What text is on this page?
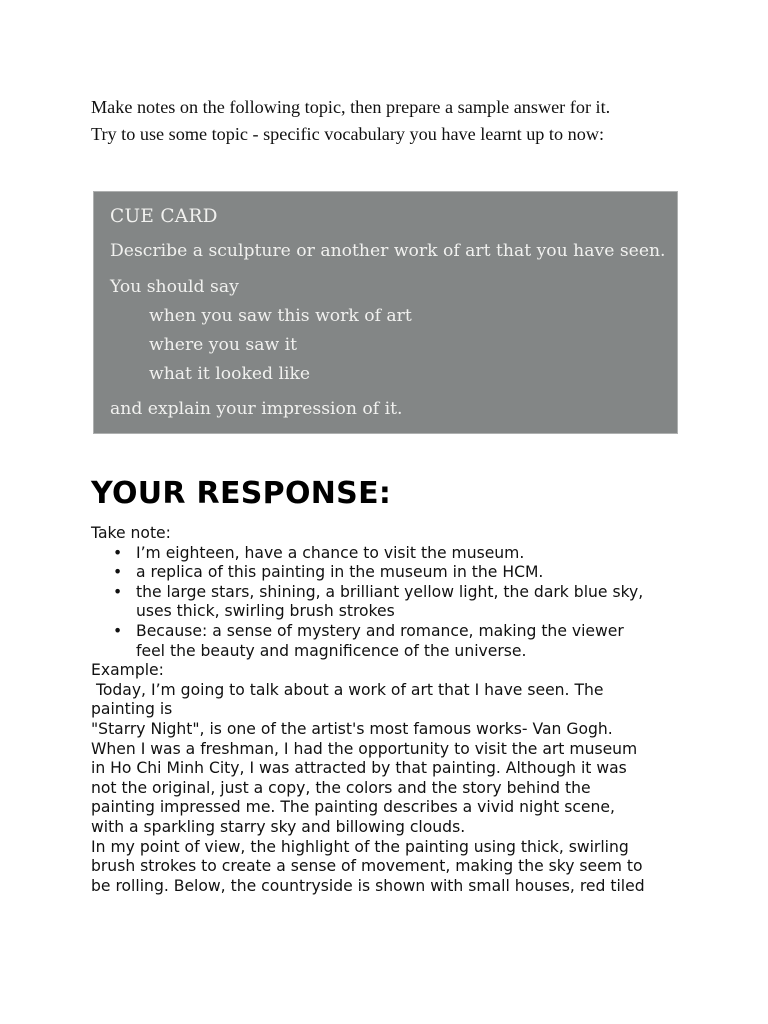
Make notes on the following topic, then prepare a sample answer for it.
Try to use some topic - specific vocabulary you have learnt up to now:
CUE CARD
Describe a sculpture or another work of art that you have seen.
You should say
when you saw this work of art
where you saw it
what it looked like
and explain your impression of it.
YOUR RESPONSE:
Take note:
• I’m eighteen, have a chance to visit the museum.
• a replica of this painting in the museum in the HCM.
• the large stars, shining, a brilliant yellow light, the dark blue sky,
uses thick, swirling brush strokes
• Because: a sense of mystery and romance, making the viewer
feel the beauty and magnificence of the universe.
Example:
Today, I’m going to talk about a work of art that I have seen. The
painting is
"Starry Night", is one of the artist's most famous works- Van Gogh.
When I was a freshman, I had the opportunity to visit the art museum
in Ho Chi Minh City, I was attracted by that painting. Although it was
not the original, just a copy, the colors and the story behind the
painting impressed me. The painting describes a vivid night scene,
with a sparkling starry sky and billowing clouds.
In my point of view, the highlight of the painting using thick, swirling
brush strokes to create a sense of movement, making the sky seem to
be rolling. Below, the countryside is shown with small houses, red tiled
